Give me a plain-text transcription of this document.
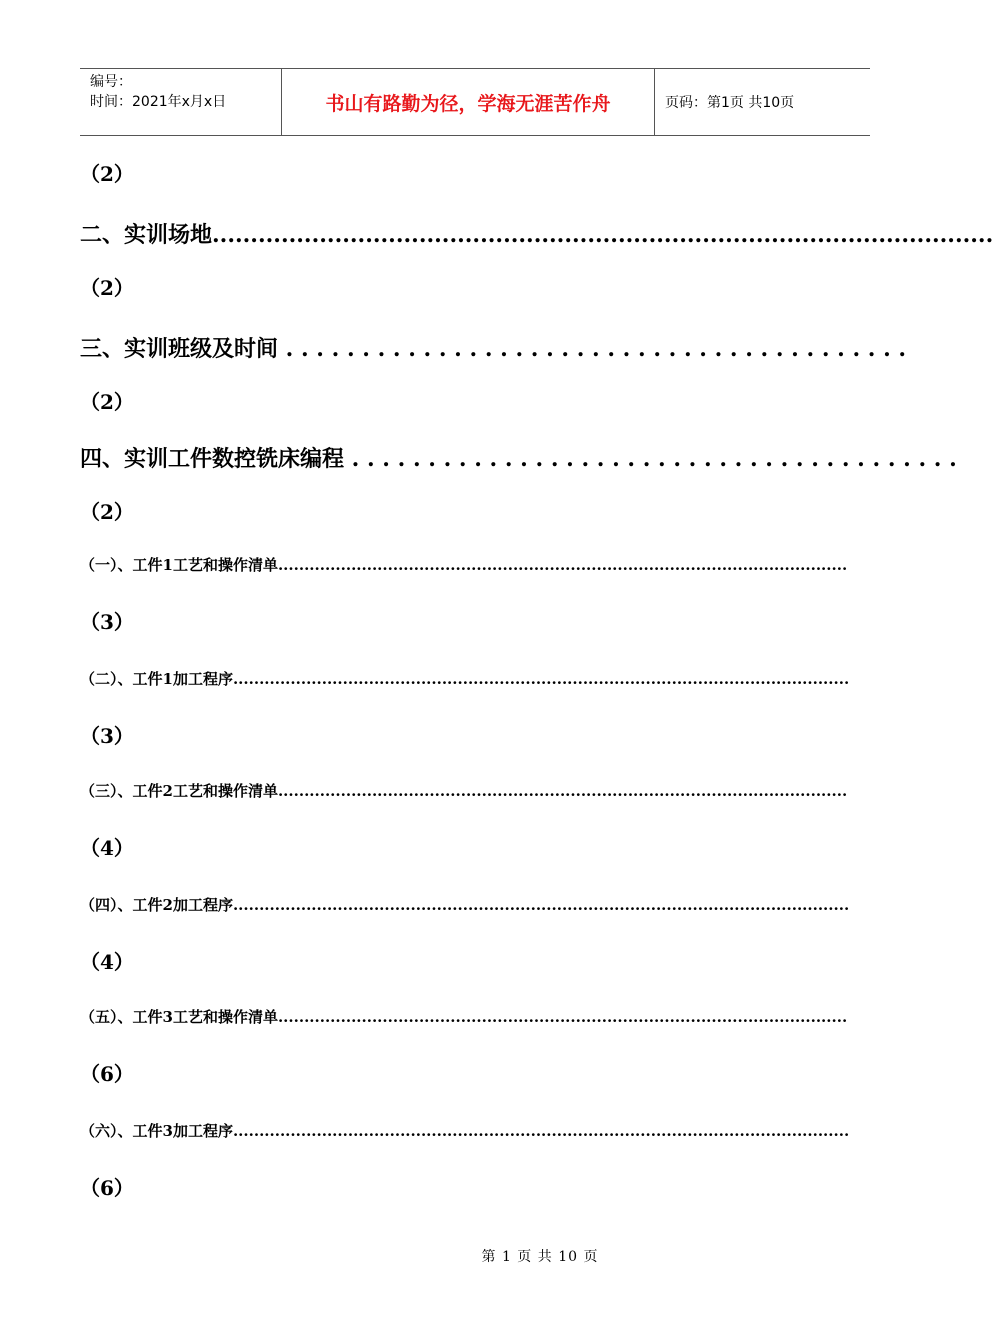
编号：
时间：2021年x月x日	书山有路勤为径，学海无涯苦作舟	页码：第1页 共10页
（2）
二、实训场地......................................................................................................
（2）
三、实训班级及时间 . . . . . . . . . . . . . . . . . . . . . . . . . . . . . . . . . . . . . . . . .
（2）
四、实训工件数控铣床编程 . . . . . . . . . . . . . . . . . . . . . . . . . . . . . . . . . . . . . . . .
（2）
（一）、工件1工艺和操作清单.............................................................................................................
（3）
（二）、工件1加工程序......................................................................................................................
（3）
（三）、工件2工艺和操作清单.............................................................................................................
（4）
（四）、工件2加工程序......................................................................................................................
（4）
（五）、工件3工艺和操作清单.............................................................................................................
（6）
（六）、工件3加工程序......................................................................................................................
（6）
第 1 页 共 10 页
